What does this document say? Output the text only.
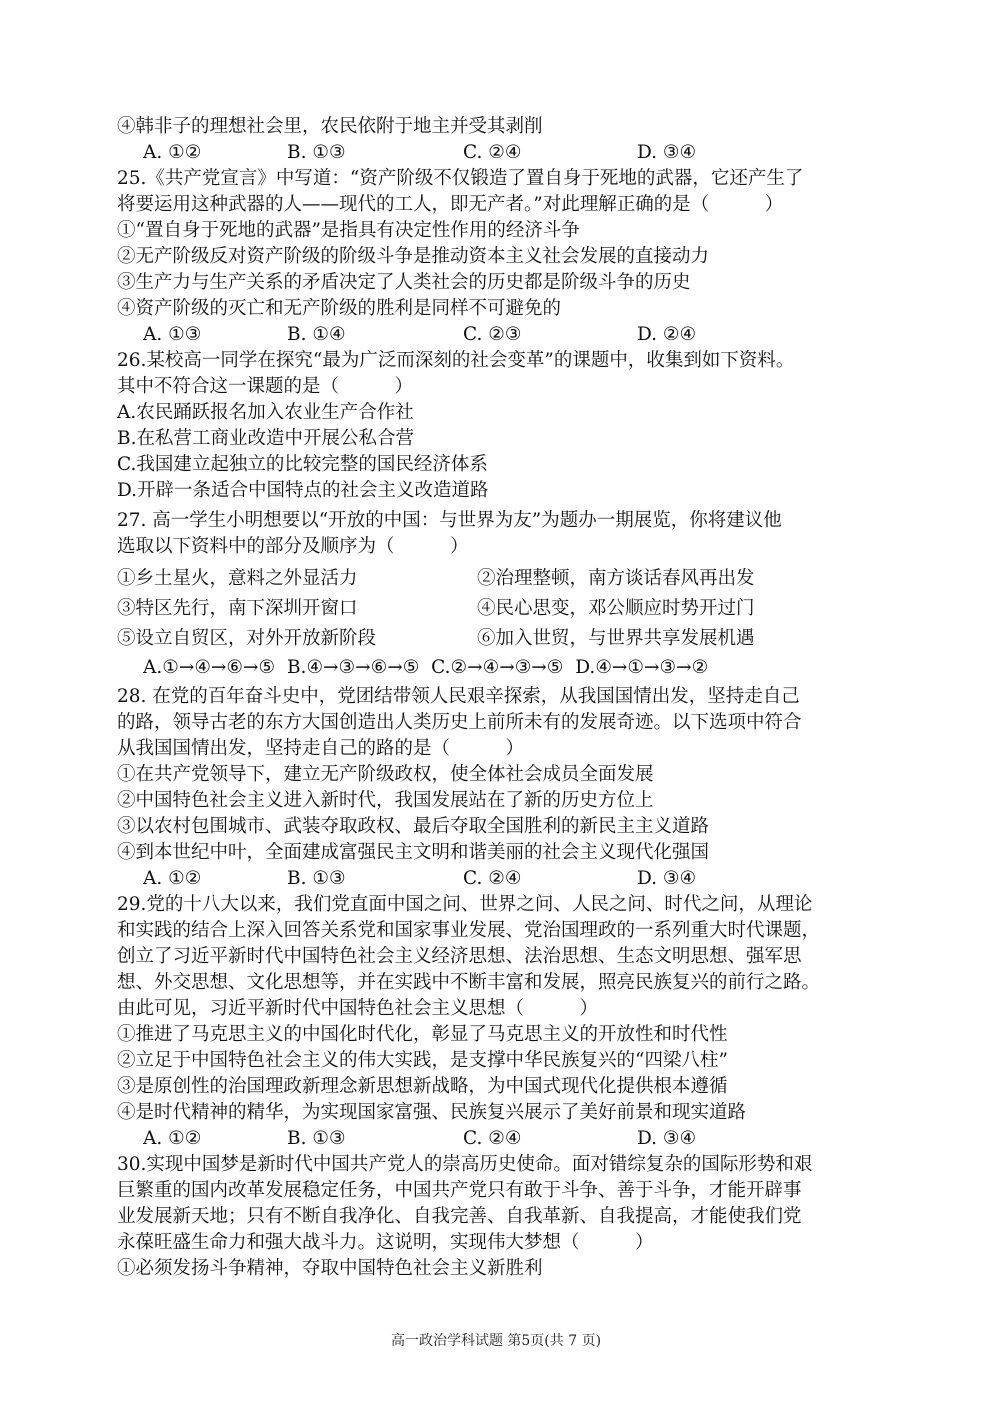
④韩非子的理想社会里，农民依附于地主并受其剥削
A. ①②	B. ①③	C. ②④	D. ③④
25.《共产党宣言》中写道：“资产阶级不仅锻造了置自身于死地的武器，它还产生了
将要运用这种武器的人——现代的工人，即无产者。”对此理解正确的是（　　　）
①“置自身于死地的武器”是指具有决定性作用的经济斗争
②无产阶级反对资产阶级的阶级斗争是推动资本主义社会发展的直接动力
③生产力与生产关系的矛盾决定了人类社会的历史都是阶级斗争的历史
④资产阶级的灭亡和无产阶级的胜利是同样不可避免的
A. ①③	B. ①④	C. ②③	D. ②④
26.某校高一同学在探究“最为广泛而深刻的社会变革”的课题中，收集到如下资料。
其中不符合这一课题的是（　　　）
A.农民踊跃报名加入农业生产合作社
B.在私营工商业改造中开展公私合营
C.我国建立起独立的比较完整的国民经济体系
D.开辟一条适合中国特点的社会主义改造道路
27. 高一学生小明想要以“开放的中国：与世界为友”为题办一期展览，你将建议他
选取以下资料中的部分及顺序为（　　　）
①乡土星火，意料之外显活力	②治理整顿，南方谈话春风再出发
③特区先行，南下深圳开窗口	④民心思变，邓公顺应时势开过门
⑤设立自贸区，对外开放新阶段	⑥加入世贸，与世界共享发展机遇
A.①→④→⑥→⑤ B.④→③→⑥→⑤ C.②→④→③→⑤ D.④→①→③→②
28. 在党的百年奋斗史中，党团结带领人民艰辛探索，从我国国情出发，坚持走自己
的路，领导古老的东方大国创造出人类历史上前所未有的发展奇迹。以下选项中符合
从我国国情出发，坚持走自己的路的是（　　　）
①在共产党领导下，建立无产阶级政权，使全体社会成员全面发展
②中国特色社会主义进入新时代，我国发展站在了新的历史方位上
③以农村包围城市、武装夺取政权、最后夺取全国胜利的新民主主义道路
④到本世纪中叶，全面建成富强民主文明和谐美丽的社会主义现代化强国
A. ①②	B. ①③	C. ②④	D. ③④
29.党的十八大以来，我们党直面中国之问、世界之问、人民之问、时代之问，从理论
和实践的结合上深入回答关系党和国家事业发展、党治国理政的一系列重大时代课题，
创立了习近平新时代中国特色社会主义经济思想、法治思想、生态文明思想、强军思
想、外交思想、文化思想等，并在实践中不断丰富和发展，照亮民族复兴的前行之路。
由此可见，习近平新时代中国特色社会主义思想（　　　）
①推进了马克思主义的中国化时代化，彰显了马克思主义的开放性和时代性
②立足于中国特色社会主义的伟大实践，是支撑中华民族复兴的“四梁八柱”
③是原创性的治国理政新理念新思想新战略，为中国式现代化提供根本遵循
④是时代精神的精华，为实现国家富强、民族复兴展示了美好前景和现实道路
A. ①②	B. ①③	C. ②④	D. ③④
30.实现中国梦是新时代中国共产党人的崇高历史使命。面对错综复杂的国际形势和艰
巨繁重的国内改革发展稳定任务，中国共产党只有敢于斗争、善于斗争，才能开辟事
业发展新天地；只有不断自我净化、自我完善、自我革新、自我提高，才能使我们党
永葆旺盛生命力和强大战斗力。这说明，实现伟大梦想（　　　）
①必须发扬斗争精神，夺取中国特色社会主义新胜利
高一政治学科试题 第5页(共 7 页)
